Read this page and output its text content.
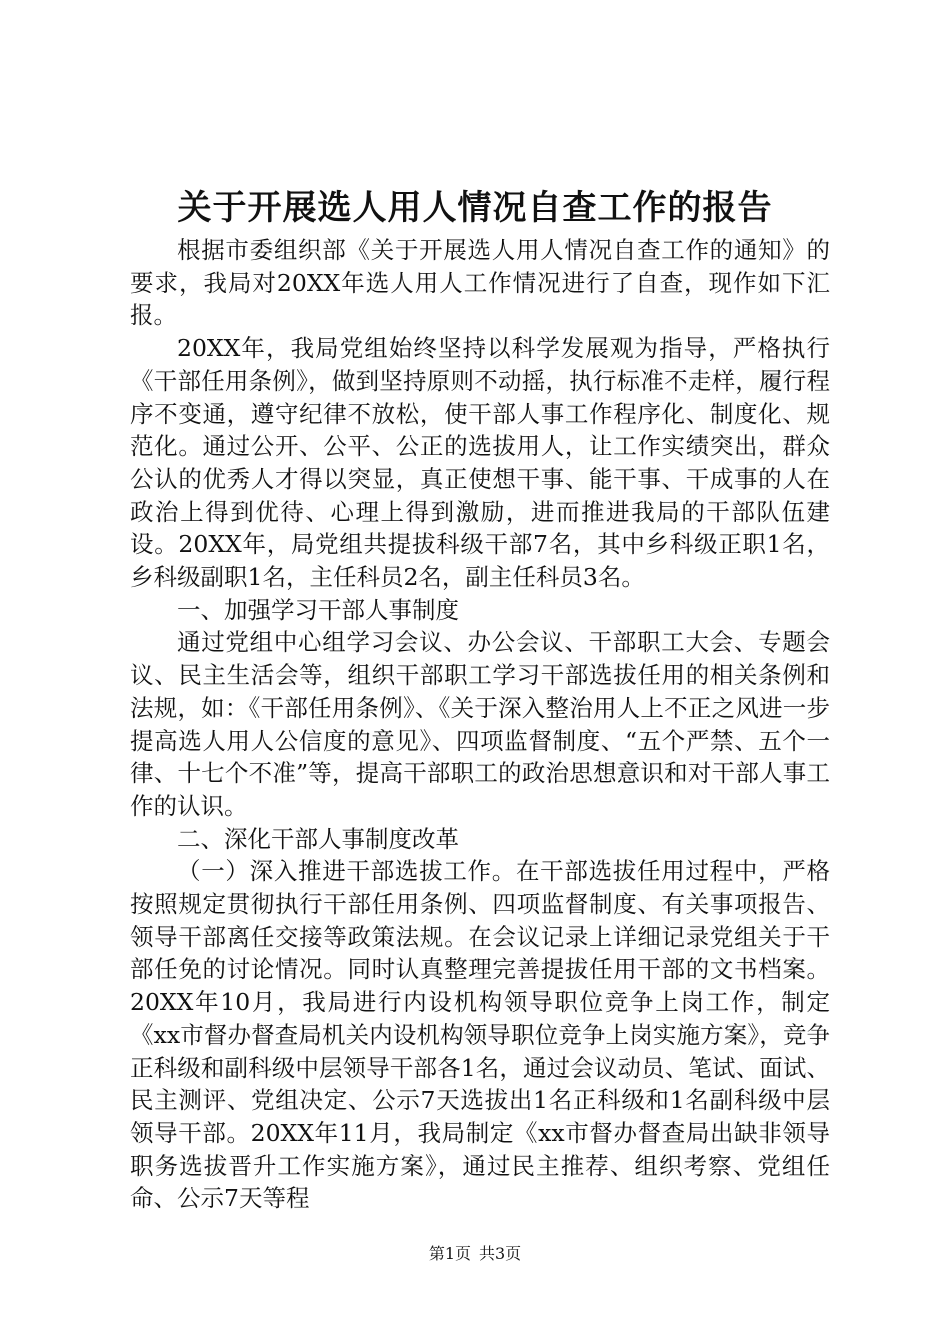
关于开展选人用人情况自查工作的报告

根据市委组织部《关于开展选人用人情况自查工作的通知》的要求，我局对20XX年选人用人工作情况进行了自查，现作如下汇报。

20XX年，我局党组始终坚持以科学发展观为指导，严格执行《干部任用条例》，做到坚持原则不动摇，执行标准不走样，履行程序不变通，遵守纪律不放松，使干部人事工作程序化、制度化、规范化。通过公开、公平、公正的选拔用人，让工作实绩突出，群众公认的优秀人才得以突显，真正使想干事、能干事、干成事的人在政治上得到优待、心理上得到激励，进而推进我局的干部队伍建设。20XX年，局党组共提拔科级干部7名，其中乡科级正职1名，乡科级副职1名，主任科员2名，副主任科员3名。

一、加强学习干部人事制度

通过党组中心组学习会议、办公会议、干部职工大会、专题会议、民主生活会等，组织干部职工学习干部选拔任用的相关条例和法规，如：《干部任用条例》、《关于深入整治用人上不正之风进一步提高选人用人公信度的意见》、四项监督制度、“五个严禁、五个一律、十七个不准”等，提高干部职工的政治思想意识和对干部人事工作的认识。

二、深化干部人事制度改革

（一）深入推进干部选拔工作。在干部选拔任用过程中，严格按照规定贯彻执行干部任用条例、四项监督制度、有关事项报告、领导干部离任交接等政策法规。在会议记录上详细记录党组关于干部任免的讨论情况。同时认真整理完善提拔任用干部的文书档案。20XX年10月，我局进行内设机构领导职位竞争上岗工作，制定《xx市督办督查局机关内设机构领导职位竞争上岗实施方案》，竞争正科级和副科级中层领导干部各1名，通过会议动员、笔试、面试、民主测评、党组决定、公示7天选拔出1名正科级和1名副科级中层领导干部。20XX年11月，我局制定《xx市督办督查局出缺非领导职务选拔晋升工作实施方案》，通过民主推荐、组织考察、党组任命、公示7天等程

第1页 共3页
